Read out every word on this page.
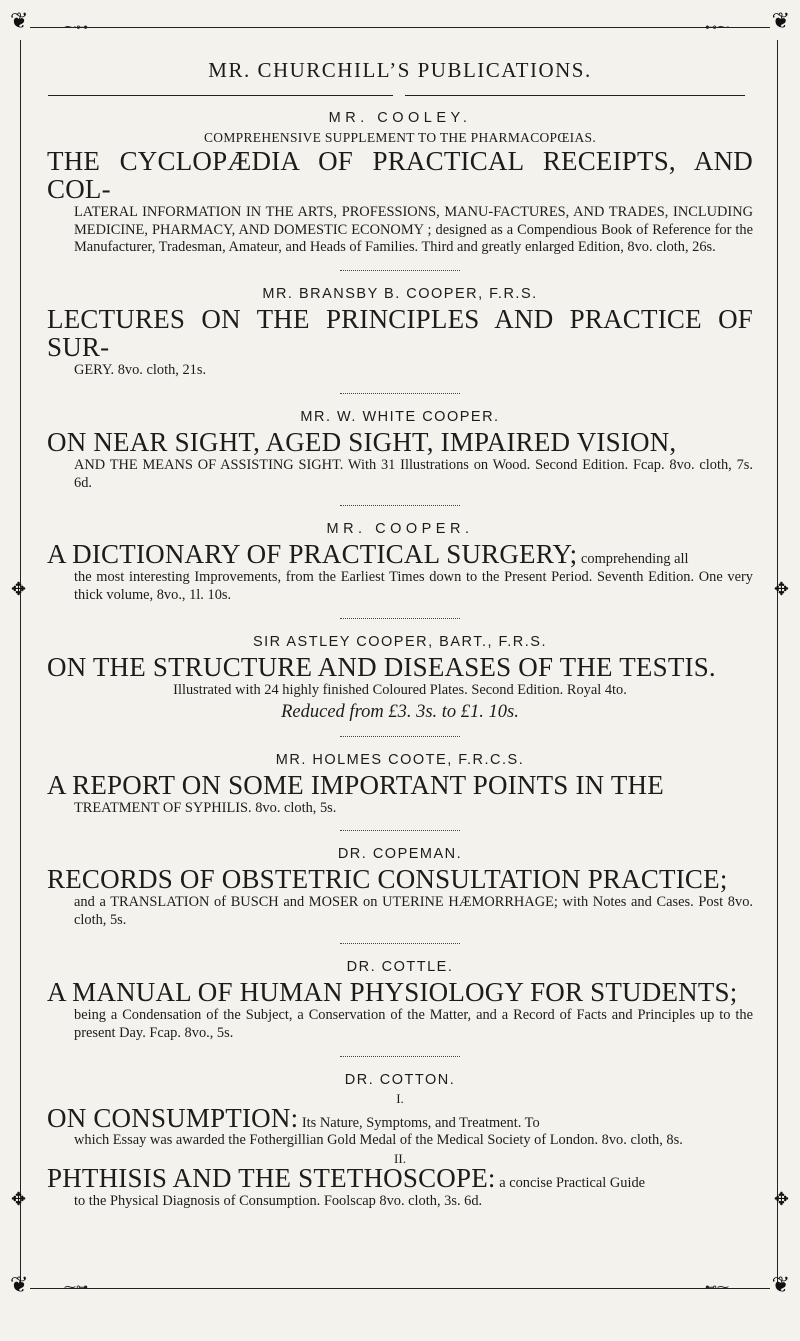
❦	❦
❦	❦
✥	✥
✥	✥
⁓⊶	⊷⁓
⁓⊶	⊷⁓
MR. CHURCHILL’S PUBLICATIONS.
MR. COOLEY.
COMPREHENSIVE SUPPLEMENT TO THE PHARMACOPŒIAS.

THE CYCLOPÆDIA OF PRACTICAL RECEIPTS, AND COL-
LATERAL INFORMATION IN THE ARTS, PROFESSIONS, MANU-FACTURES, AND TRADES, INCLUDING MEDICINE, PHARMACY, AND DOMESTIC ECONOMY ; designed as a Compendious Book of Reference for the Manufacturer, Tradesman, Amateur, and Heads of Families. Third and greatly enlarged Edition, 8vo. cloth, 26s.

MR. BRANSBY B. COOPER, F.R.S.

LECTURES ON THE PRINCIPLES AND PRACTICE OF SUR-
GERY. 8vo. cloth, 21s.

MR. W. WHITE COOPER.

ON NEAR SIGHT, AGED SIGHT, IMPAIRED VISION,
AND THE MEANS OF ASSISTING SIGHT. With 31 Illustrations on Wood. Second Edition. Fcap. 8vo. cloth, 7s. 6d.

MR. COOPER.

A DICTIONARY OF PRACTICAL SURGERY; comprehending all
the most interesting Improvements, from the Earliest Times down to the Present Period. Seventh Edition. One very thick volume, 8vo., 1l. 10s.

SIR ASTLEY COOPER, BART., F.R.S.

ON THE STRUCTURE AND DISEASES OF THE TESTIS.
Illustrated with 24 highly finished Coloured Plates. Second Edition. Royal 4to.

Reduced from £3. 3s. to £1. 10s.
MR. HOLMES COOTE, F.R.C.S.

A REPORT ON SOME IMPORTANT POINTS IN THE
TREATMENT OF SYPHILIS. 8vo. cloth, 5s.

DR. COPEMAN.

RECORDS OF OBSTETRIC CONSULTATION PRACTICE;
and a TRANSLATION of BUSCH and MOSER on UTERINE HÆMORRHAGE; with Notes and Cases. Post 8vo. cloth, 5s.

DR. COTTLE.

A MANUAL OF HUMAN PHYSIOLOGY FOR STUDENTS;
being a Condensation of the Subject, a Conservation of the Matter, and a Record of Facts and Principles up to the present Day. Fcap. 8vo., 5s.

DR. COTTON.
I.

ON CONSUMPTION: Its Nature, Symptoms, and Treatment. To
which Essay was awarded the Fothergillian Gold Medal of the Medical Society of London. 8vo. cloth, 8s.

II.

PHTHISIS AND THE STETHOSCOPE: a concise Practical Guide
to the Physical Diagnosis of Consumption. Foolscap 8vo. cloth, 3s. 6d.
